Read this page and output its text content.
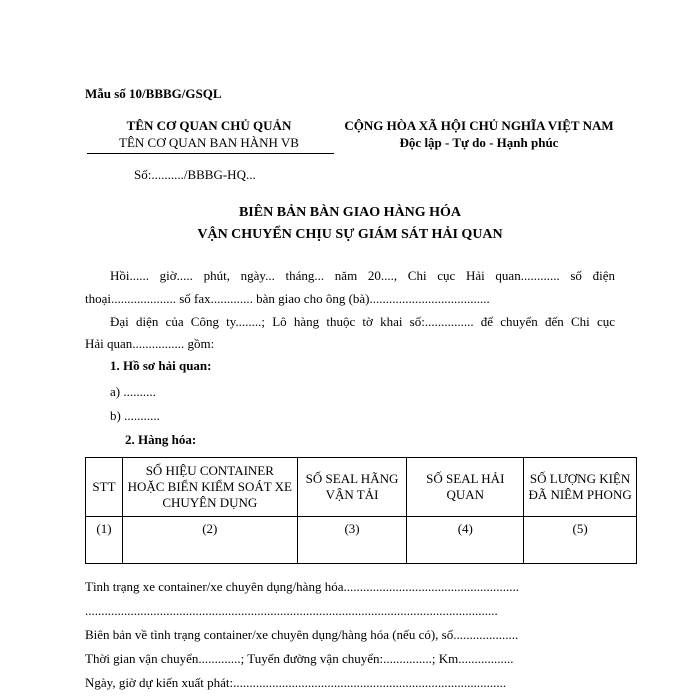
Mẫu số 10/BBBG/GSQL
TÊN CƠ QUAN CHỦ QUẢN
TÊN CƠ QUAN BAN HÀNH VB
CỘNG HÒA XÃ HỘI CHỦ NGHĨA VIỆT NAM
Độc lập - Tự do - Hạnh phúc
Số:........../BBBG-HQ...
BIÊN BẢN BÀN GIAO HÀNG HÓA
VẬN CHUYỂN CHỊU SỰ GIÁM SÁT HẢI QUAN
Hồi...... giờ..... phút, ngày... tháng... năm 20...., Chi cục Hải quan............ số điện
thoại.................... số fax............. bàn giao cho ông (bà).....................................
Đại diện của Công ty........; Lô hàng thuộc tờ khai số:............... để chuyển đến Chi cục
Hải quan................ gồm:
1. Hồ sơ hải quan:
a) ..........
b) ...........
2. Hàng hóa:
STT	SỐ HIỆU CONTAINER HOẶC BIỂN KIỂM SOÁT XE CHUYÊN DỤNG	SỐ SEAL HÃNG VẬN TẢI	SỐ SEAL HẢI QUAN	SỐ LƯỢNG KIỆN ĐÃ NIÊM PHONG
(1)	(2)	(3)	(4)	(5)
Tình trạng xe container/xe chuyên dụng/hàng hóa......................................................
...............................................................................................................................
Biên bản về tình trạng container/xe chuyên dụng/hàng hóa (nếu có), số....................
Thời gian vận chuyển.............; Tuyến đường vận chuyển:...............; Km.................
Ngày, giờ dự kiến xuất phát:....................................................................................
